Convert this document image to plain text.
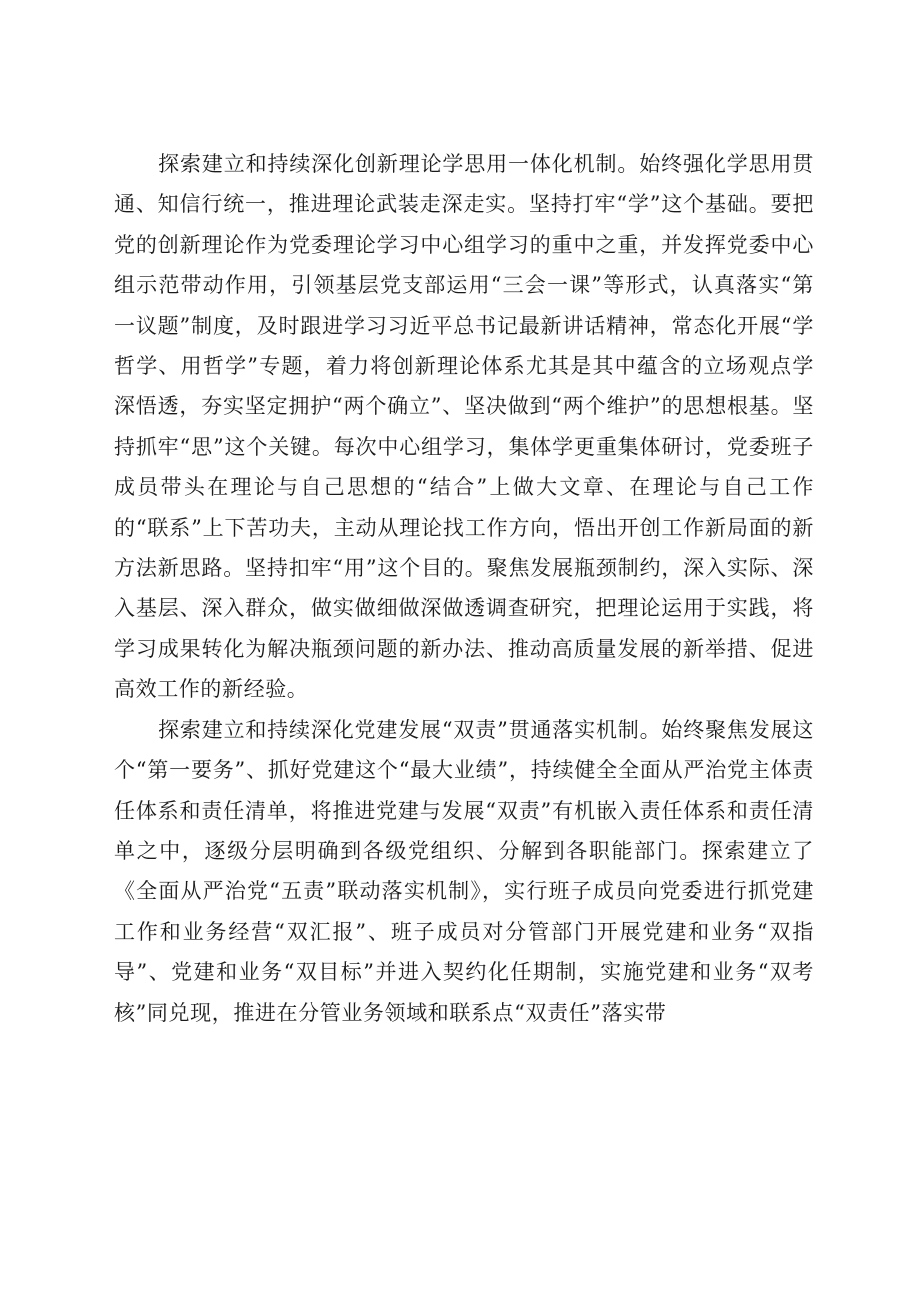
探索建立和持续深化创新理论学思用一体化机制。始终强化学思用贯通、知信行统一，推进理论武装走深走实。坚持打牢“学”这个基础。要把党的创新理论作为党委理论学习中心组学习的重中之重，并发挥党委中心组示范带动作用，引领基层党支部运用“三会一课”等形式，认真落实“第一议题”制度，及时跟进学习习近平总书记最新讲话精神，常态化开展“学哲学、用哲学”专题，着力将创新理论体系尤其是其中蕴含的立场观点学深悟透，夯实坚定拥护“两个确立”、坚决做到“两个维护”的思想根基。坚持抓牢“思”这个关键。每次中心组学习，集体学更重集体研讨，党委班子成员带头在理论与自己思想的“结合”上做大文章、在理论与自己工作的“联系”上下苦功夫，主动从理论找工作方向，悟出开创工作新局面的新方法新思路。坚持扣牢“用”这个目的。聚焦发展瓶颈制约，深入实际、深入基层、深入群众，做实做细做深做透调查研究，把理论运用于实践，将学习成果转化为解决瓶颈问题的新办法、推动高质量发展的新举措、促进高效工作的新经验。

探索建立和持续深化党建发展“双责”贯通落实机制。始终聚焦发展这个“第一要务”、抓好党建这个“最大业绩”，持续健全全面从严治党主体责任体系和责任清单，将推进党建与发展“双责”有机嵌入责任体系和责任清单之中，逐级分层明确到各级党组织、分解到各职能部门。探索建立了《全面从严治党“五责”联动落实机制》，实行班子成员向党委进行抓党建工作和业务经营“双汇报”、班子成员对分管部门开展党建和业务“双指导”、党建和业务“双目标”并进入契约化任期制，实施党建和业务“双考核”同兑现，推进在分管业务领域和联系点“双责任”落实带
